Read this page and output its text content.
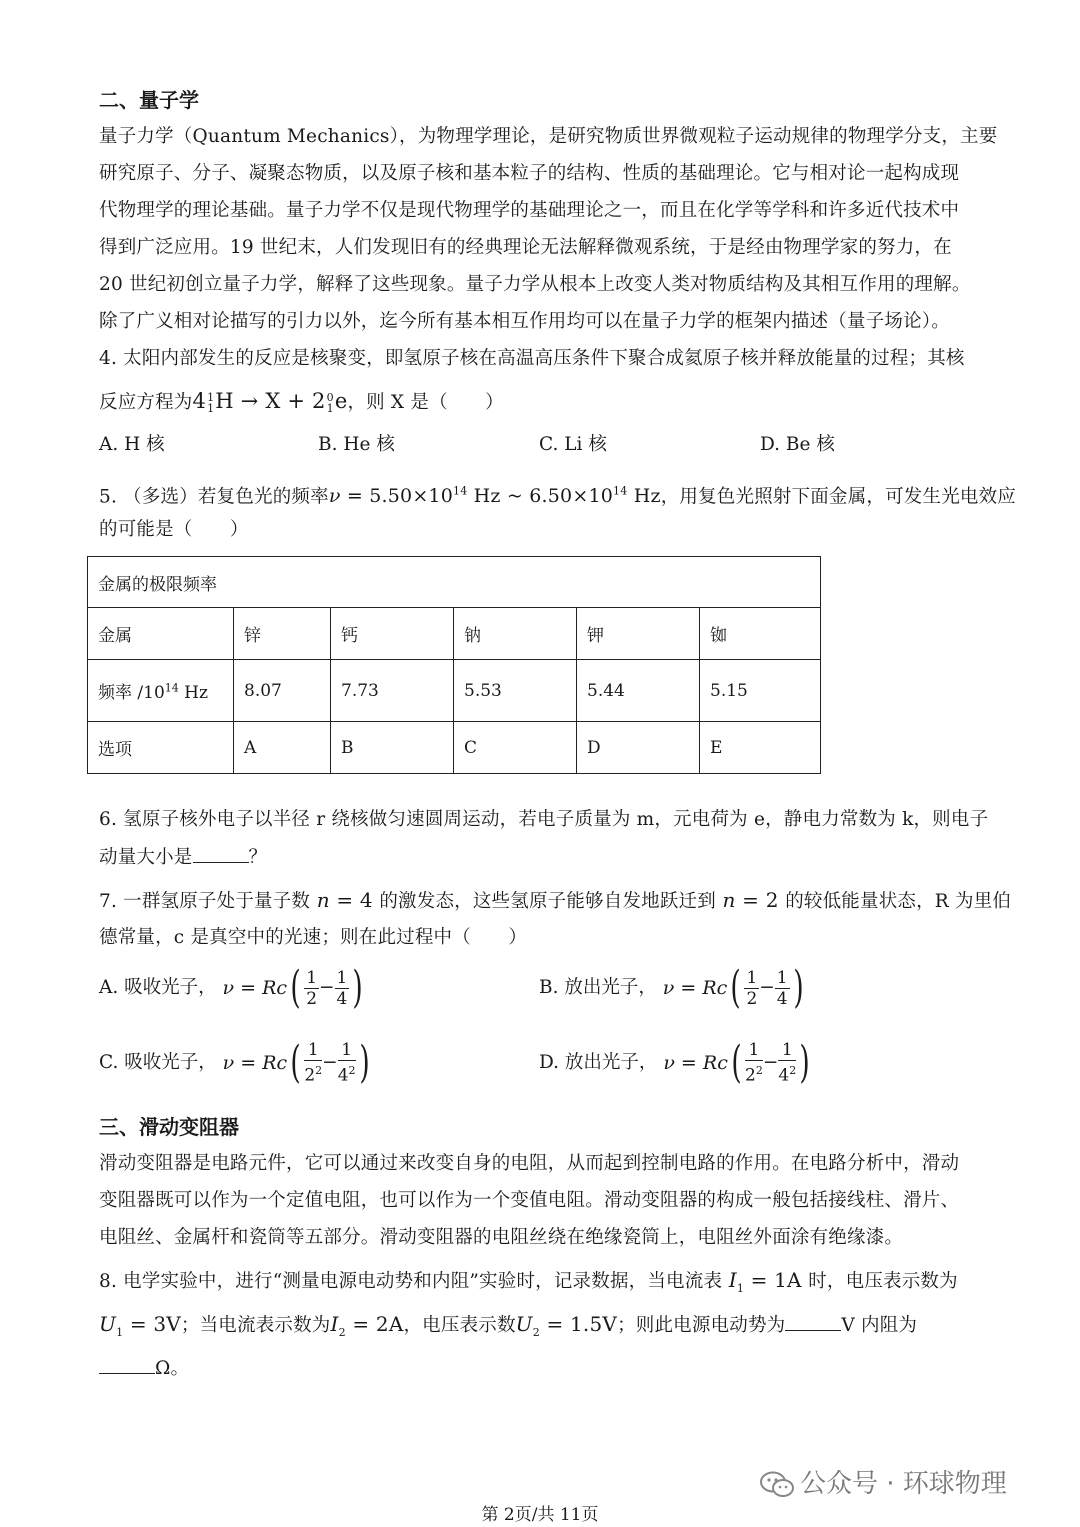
二、量子学
量子力学（Quantum Mechanics），为物理学理论，是研究物质世界微观粒子运动规律的物理学分支，主要
研究原子、分子、凝聚态物质，以及原子核和基本粒子的结构、性质的基础理论。它与相对论一起构成现
代物理学的理论基础。量子力学不仅是现代物理学的基础理论之一，而且在化学等学科和许多近代技术中
得到广泛应用。19 世纪末，人们发现旧有的经典理论无法解释微观系统，于是经由物理学家的努力，在
20 世纪初创立量子力学，解释了这些现象。量子力学从根本上改变人类对物质结构及其相互作用的理解。
除了广义相对论描写的引力以外，迄今所有基本相互作用均可以在量子力学的框架内描述（量子场论）。
4. 太阳内部发生的反应是核聚变，即氢原子核在高温高压条件下聚合成氦原子核并释放能量的过程；其核
反应方程为4 1
1 H → X + 2 0
1 e，则 X 是（　　）
A. H 核	B. He 核	C. Li 核	D. Be 核
5. （多选）若复色光的频率$\nu = 5.50\times 10^{14}$ Hz ~ $6.50\times 10^{14}$ Hz，用复色光照射下面金属，可发生光电效应
的可能是（　　）
金属的极限频率					
金属	锌	钙	钠	钾	铷
频率 $/10^{14}$ Hz	8.07	7.73	5.53	5.44	5.15
选项	A	B	C	D	E
6. 氢原子核外电子以半径 r 绕核做匀速圆周运动，若电子质量为 m，元电荷为 e，静电力常数为 k，则电子
动量大小是	？
7. 一群氢原子处于量子数 n = 4 的激发态，这些氢原子能够自发地跃迁到 n = 2 的较低能量状态，R 为里伯
德常量，c 是真空中的光速；则在此过程中（　　）
A. 吸收光子， $\nu = Rc( \frac{1}{2} - \frac{1}{4}$ )	B. 放出光子， $\nu = Rc( \frac{1}{2} - \frac{1}{4}$ )
C. 吸收光子， $\nu = Rc( \frac{1}{2^2} - \frac{1}{4^2}$ )	D. 放出光子， $\nu = Rc( \frac{1}{2^2} - \frac{1}{4^2}$ )
三、滑动变阻器
滑动变阻器是电路元件，它可以通过来改变自身的电阻，从而起到控制电路的作用。在电路分析中，滑动
变阻器既可以作为一个定值电阻，也可以作为一个变值电阻。滑动变阻器的构成一般包括接线柱、滑片、
电阻丝、金属杆和瓷筒等五部分。滑动变阻器的电阻丝绕在绝缘瓷筒上，电阻丝外面涂有绝缘漆。
8. 电学实验中，进行“测量电源电动势和内阻”实验时，记录数据，当电流表 $I_1 = 1A$ 时，电压表示数为
$U_1 = 3V$；当电流表示数为$I_2 = 2A$，电压表示数$U_2 = 1.5V$；则此电源电动势为	V 内阻为
Ω。
公众号 · 环球物理
第 2页/共 11页
